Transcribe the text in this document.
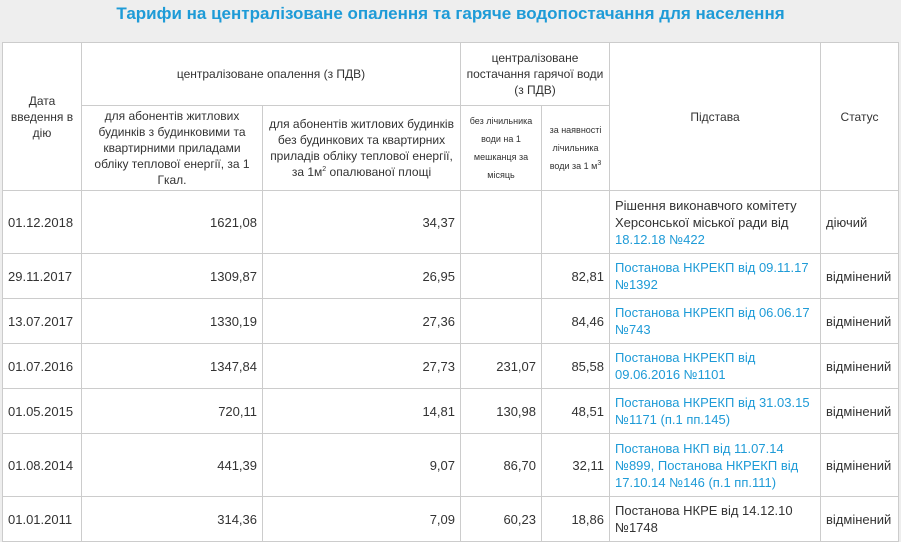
Тарифи на централізоване опалення та гаряче водопостачання для населення
Дата введення в дію	централізоване опалення (з ПДВ)		централізоване постачання гарячої води (з ПДВ)		Підстава	Статус
	для абонентів житлових будинків з будинковими та квартирними приладами обліку теплової енергії, за 1 Гкал.	для абонентів житлових будинків без будинкових та квартирних приладів обліку теплової енергії, за $1м^2$ опалюваної площі	без лічильника води на 1 мешканця за місяць	за наявності лічильника води за 1 $м^3$
01.12.2018	1621,08	34,37			Рішення виконавчого комітету Херсонської міської ради від 18.12.18 №422	діючий
29.11.2017	1309,87	26,95		82,81	Постанова НКРЕКП від 09.11.17 №1392	відмінений
13.07.2017	1330,19	27,36		84,46	Постанова НКРЕКП від 06.06.17 №743	відмінений
01.07.2016	1347,84	27,73	231,07	85,58	Постанова НКРЕКП від 09.06.2016 №1101	відмінений
01.05.2015	720,11	14,81	130,98	48,51	Постанова НКРЕКП від 31.03.15 №1171 (п.1 пп.145)	відмінений
01.08.2014	441,39	9,07	86,70	32,11	Постанова НКП від 11.07.14 №899, Постанова НКРЕКП від 17.10.14 №146 (п.1 пп.111)	відмінений
01.01.2011	314,36	7,09	60,23	18,86	Постанова НКРЕ від 14.12.10 №1748	відмінений
